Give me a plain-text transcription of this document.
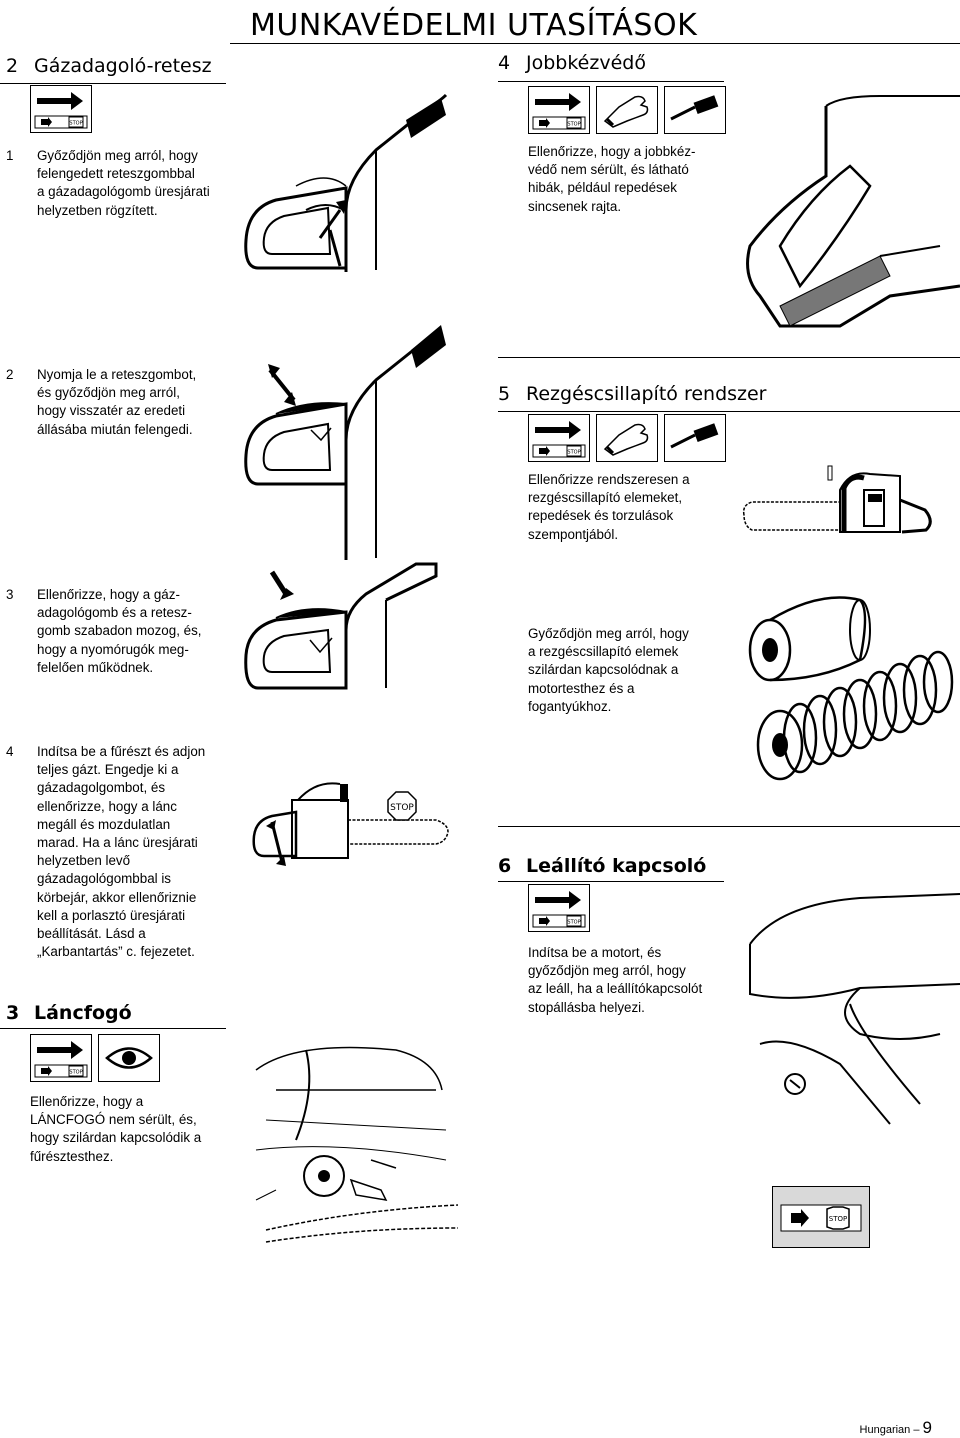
MUNKAVÉDELMI UTASÍTÁSOK
2 Gázadagoló-retesz	4 Jobbkézvédő
STOP
1 Győződjön meg arról, hogy
felengedett reteszgombbal
a gázadagológomb üresjárati
helyzetben rögzített.
2 Nyomja le a reteszgombot,
és győződjön meg arról,
hogy visszatér az eredeti
állásába miután felengedi.
3 Ellenőrizze, hogy a gáz-
adagológomb és a retesz-
gomb szabadon mozog, és,
hogy a nyomórugók meg-
felelően működnek.
4 Indítsa be a fűrészt és adjon
teljes gázt. Engedje ki a
gázadagolgombot, és
ellenőrizze, hogy a lánc
megáll és mozdulatlan
marad. Ha a lánc üresjárati
helyzetben levő
gázadagológombbal is
körbejár, akkor ellenőriznie
kell a porlasztó üresjárati
beállítását. Lásd a
„Karbantartás” c. fejezetet.
STOP
3 Láncfogó
STOP
Ellenőrizze, hogy a
LÁNCFOGÓ nem sérült, és,
hogy szilárdan kapcsolódik a
fűrésztesthez.
STOP
Ellenőrizze, hogy a jobbkéz-
védő nem sérült, és látható
hibák, például repedések
sincsenek rajta.
5 Rezgéscsillapító rendszer
STOP
Ellenőrizze rendszeresen a
rezgéscsillapító elemeket,
repedések és torzulások
szempontjából.
Győződjön meg arról, hogy
a rezgéscsillapító elemek
szilárdan kapcsolódnak a
motortesthez és a
fogantyúkhoz.
6 Leállító kapcsoló
STOP
Indítsa be a motort, és
győződjön meg arról, hogy
az leáll, ha a leállítókapcsolót
stopállásba helyezi.
STOP
Hungarian – 9
